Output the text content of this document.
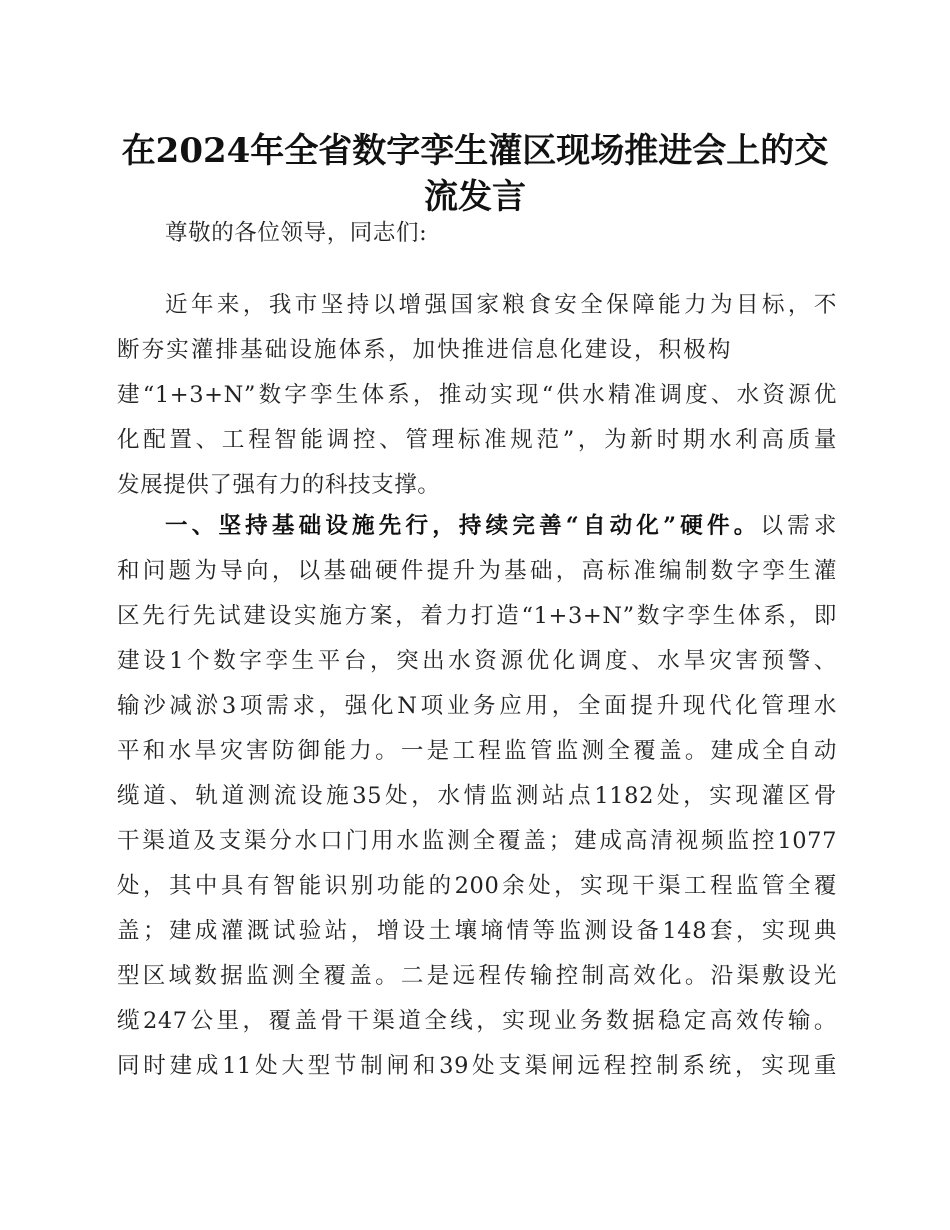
在2024年全省数字孪生灌区现场推进会上的交
流发言
尊敬的各位领导，同志们:
近年来，我市坚持以增强国家粮食安全保障能力为目标，不
断夯实灌排基础设施体系，加快推进信息化建设，积极构
建“1+3+N”数字孪生体系，推动实现“供水精准调度、水资源优
化配置、工程智能调控、管理标准规范”，为新时期水利高质量
发展提供了强有力的科技支撑。
一、坚持基础设施先行，持续完善“自动化”硬件。以需求
和问题为导向，以基础硬件提升为基础，高标准编制数字孪生灌
区先行先试建设实施方案，着力打造“1+3+N”数字孪生体系，即
建设1个数字孪生平台，突出水资源优化调度、水旱灾害预警、
输沙减淤3项需求，强化N项业务应用，全面提升现代化管理水
平和水旱灾害防御能力。一是工程监管监测全覆盖。建成全自动
缆道、轨道测流设施35处，水情监测站点1182处，实现灌区骨
干渠道及支渠分水口门用水监测全覆盖；建成高清视频监控1077
处，其中具有智能识别功能的200余处，实现干渠工程监管全覆
盖；建成灌溉试验站，增设土壤墒情等监测设备148套，实现典
型区域数据监测全覆盖。二是远程传输控制高效化。沿渠敷设光
缆247公里，覆盖骨干渠道全线，实现业务数据稳定高效传输。
同时建成11处大型节制闸和39处支渠闸远程控制系统，实现重
